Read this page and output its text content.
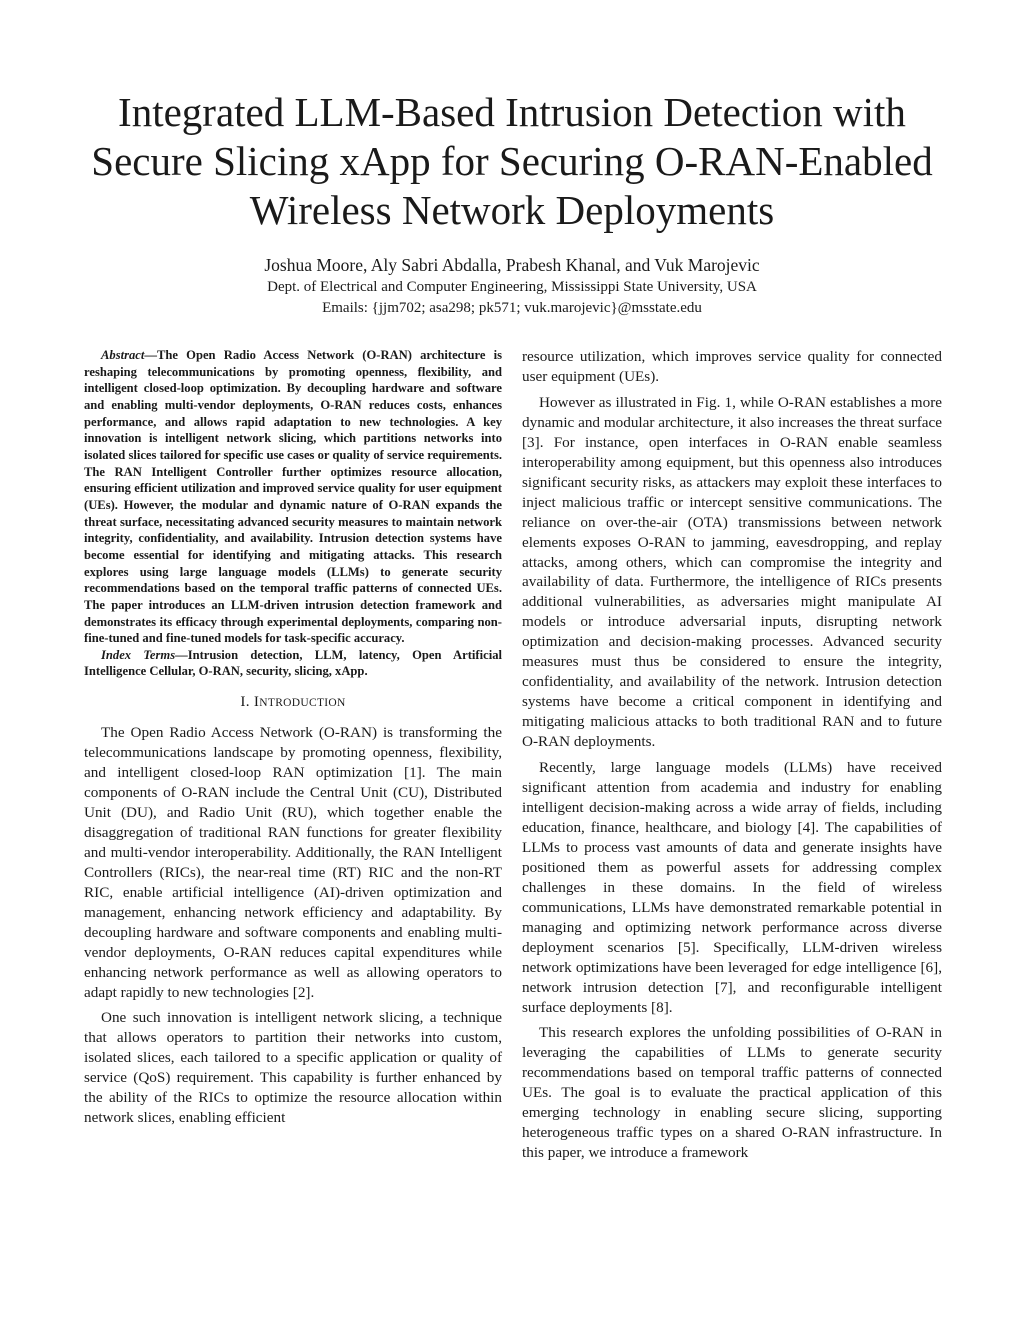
Integrated LLM-Based Intrusion Detection with Secure Slicing xApp for Securing O-RAN-Enabled Wireless Network Deployments
Joshua Moore, Aly Sabri Abdalla, Prabesh Khanal, and Vuk Marojevic
Dept. of Electrical and Computer Engineering, Mississippi State University, USA
Emails: {jjm702; asa298; pk571; vuk.marojevic}@msstate.edu

Abstract—The Open Radio Access Network (O-RAN) architecture is reshaping telecommunications by promoting openness, flexibility, and intelligent closed-loop optimization. By decoupling hardware and software and enabling multi-vendor deployments, O-RAN reduces costs, enhances performance, and allows rapid adaptation to new technologies. A key innovation is intelligent network slicing, which partitions networks into isolated slices tailored for specific use cases or quality of service requirements. The RAN Intelligent Controller further optimizes resource allocation, ensuring efficient utilization and improved service quality for user equipment (UEs). However, the modular and dynamic nature of O-RAN expands the threat surface, necessitating advanced security measures to maintain network integrity, confidentiality, and availability. Intrusion detection systems have become essential for identifying and mitigating attacks. This research explores using large language models (LLMs) to generate security recommendations based on the temporal traffic patterns of connected UEs. The paper introduces an LLM-driven intrusion detection framework and demonstrates its efficacy through experimental deployments, comparing non-fine-tuned and fine-tuned models for task-specific accuracy.

Index Terms—Intrusion detection, LLM, latency, Open Artificial Intelligence Cellular, O-RAN, security, slicing, xApp.

I. INTRODUCTION

The Open Radio Access Network (O-RAN) is transforming the telecommunications landscape by promoting openness, flexibility, and intelligent closed-loop RAN optimization [1]. The main components of O-RAN include the Central Unit (CU), Distributed Unit (DU), and Radio Unit (RU), which together enable the disaggregation of traditional RAN functions for greater flexibility and multi-vendor interoperability. Additionally, the RAN Intelligent Controllers (RICs), the near-real time (RT) RIC and the non-RT RIC, enable artificial intelligence (AI)-driven optimization and management, enhancing network efficiency and adaptability. By decoupling hardware and software components and enabling multi-vendor deployments, O-RAN reduces capital expenditures while enhancing network performance as well as allowing operators to adapt rapidly to new technologies [2].

One such innovation is intelligent network slicing, a technique that allows operators to partition their networks into custom, isolated slices, each tailored to a specific application or quality of service (QoS) requirement. This capability is further enhanced by the ability of the RICs to optimize the resource allocation within network slices, enabling efficient

resource utilization, which improves service quality for connected user equipment (UEs).

However as illustrated in Fig. 1, while O-RAN establishes a more dynamic and modular architecture, it also increases the threat surface [3]. For instance, open interfaces in O-RAN enable seamless interoperability among equipment, but this openness also introduces significant security risks, as attackers may exploit these interfaces to inject malicious traffic or intercept sensitive communications. The reliance on over-the-air (OTA) transmissions between network elements exposes O-RAN to jamming, eavesdropping, and replay attacks, among others, which can compromise the integrity and availability of data. Furthermore, the intelligence of RICs presents additional vulnerabilities, as adversaries might manipulate AI models or introduce adversarial inputs, disrupting network optimization and decision-making processes. Advanced security measures must thus be considered to ensure the integrity, confidentiality, and availability of the network. Intrusion detection systems have become a critical component in identifying and mitigating malicious attacks to both traditional RAN and to future O-RAN deployments.

Recently, large language models (LLMs) have received significant attention from academia and industry for enabling intelligent decision-making across a wide array of fields, including education, finance, healthcare, and biology [4]. The capabilities of LLMs to process vast amounts of data and generate insights have positioned them as powerful assets for addressing complex challenges in these domains. In the field of wireless communications, LLMs have demonstrated remarkable potential in managing and optimizing network performance across diverse deployment scenarios [5]. Specifically, LLM-driven wireless network optimizations have been leveraged for edge intelligence [6], network intrusion detection [7], and reconfigurable intelligent surface deployments [8].

This research explores the unfolding possibilities of O-RAN in leveraging the capabilities of LLMs to generate security recommendations based on temporal traffic patterns of connected UEs. The goal is to evaluate the practical application of this emerging technology in enabling secure slicing, supporting heterogeneous traffic types on a shared O-RAN infrastructure. In this paper, we introduce a framework
